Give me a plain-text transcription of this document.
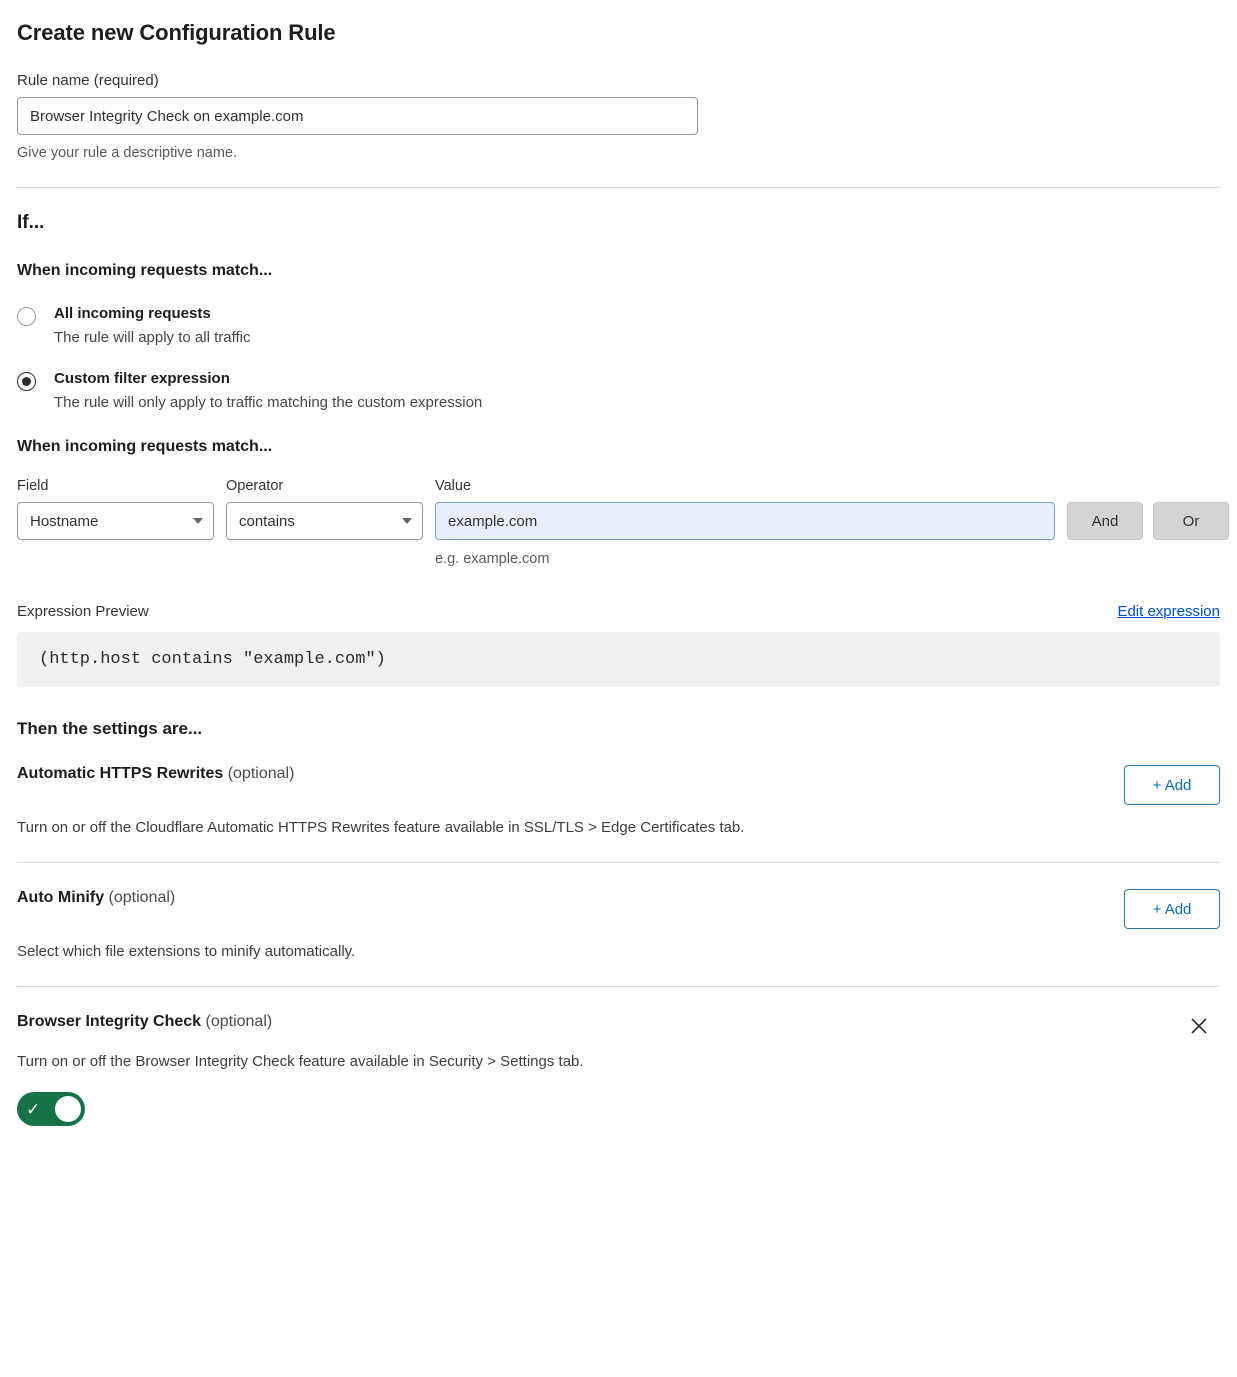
Create new Configuration Rule
Rule name (required)
Browser Integrity Check on example.com
Give your rule a descriptive name.
If...
When incoming requests match...
All incoming requests
The rule will apply to all traffic
Custom filter expression
The rule will only apply to traffic matching the custom expression
When incoming requests match...
Field
Hostname
Operator
contains
Value
example.com
e.g. example.com
And	Or
Expression Preview	Edit expression
(http.host contains "example.com")
Then the settings are...
Automatic HTTPS Rewrites (optional)
+ Add
Turn on or off the Cloudflare Automatic HTTPS Rewrites feature available in SSL/TLS > Edge Certificates tab.
Auto Minify (optional)
+ Add
Select which file extensions to minify automatically.
Browser Integrity Check (optional)
Turn on or off the Browser Integrity Check feature available in Security > Settings tab.
✓
